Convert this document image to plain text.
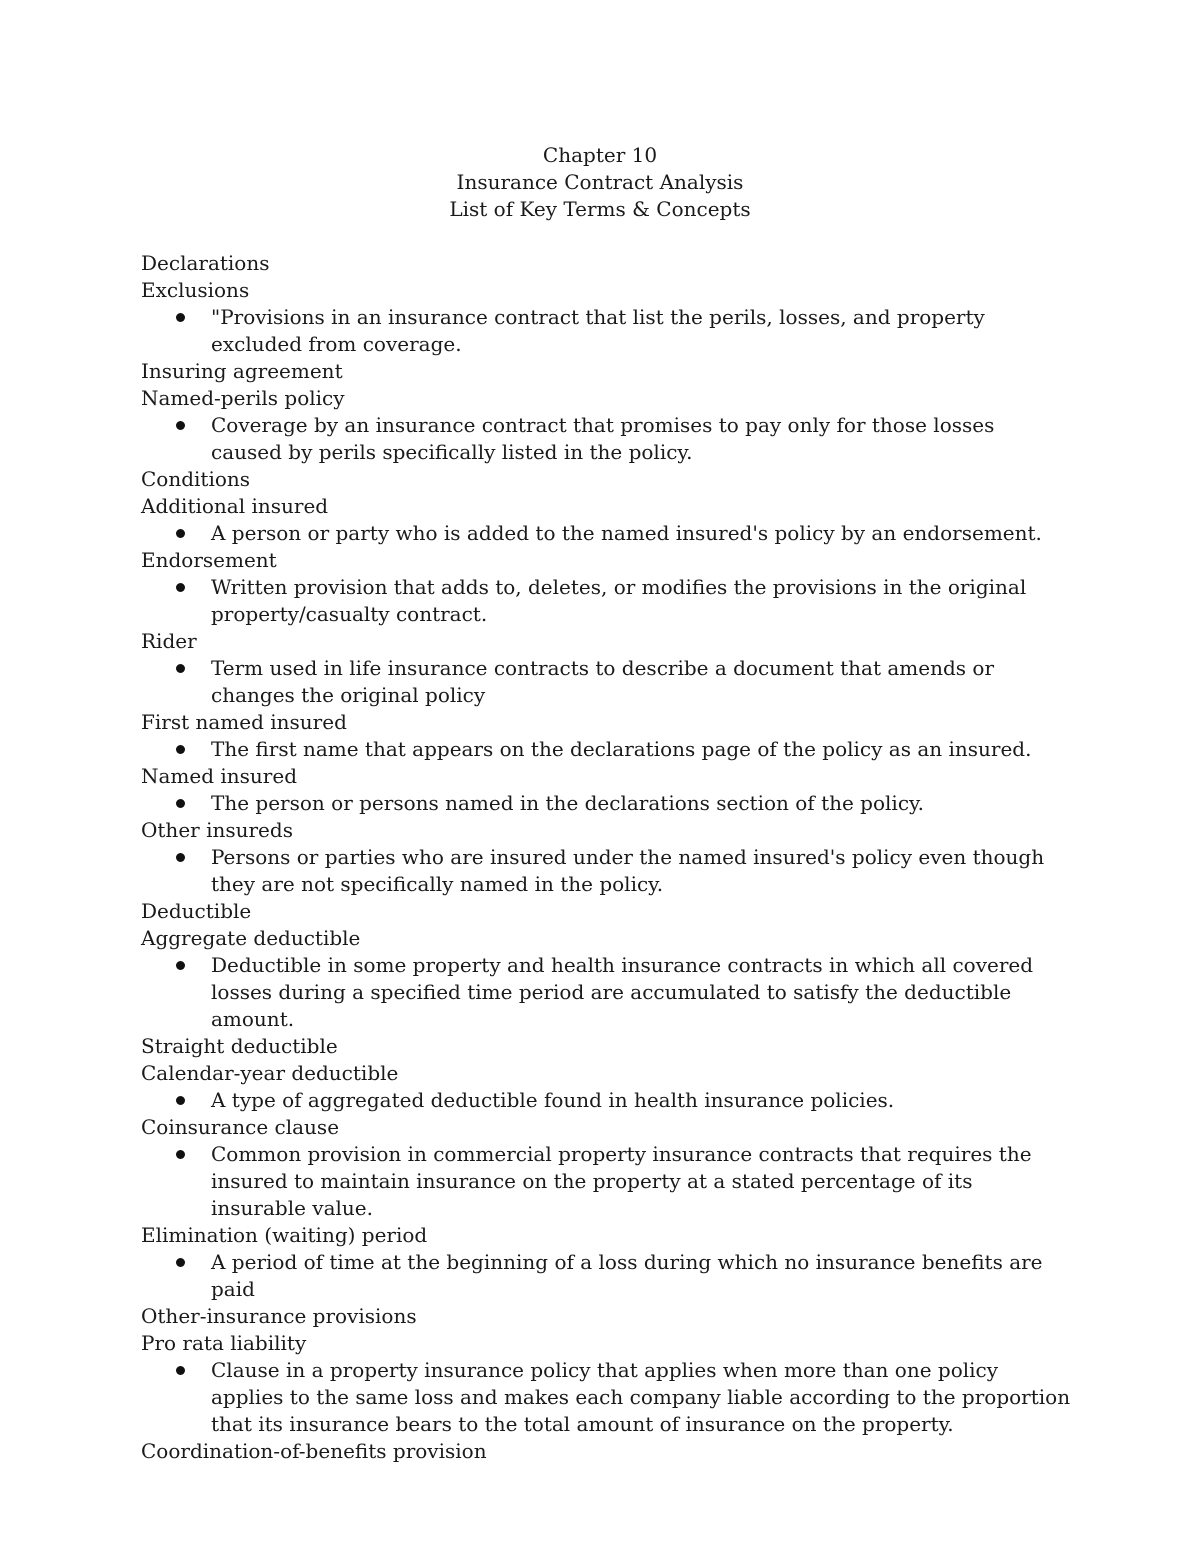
Chapter 10
Insurance Contract Analysis
List of Key Terms & Concepts
Declarations
Exclusions
"Provisions in an insurance contract that list the perils, losses, and property excluded from coverage.
Insuring agreement
Named-perils policy
Coverage by an insurance contract that promises to pay only for those losses caused by perils specifically listed in the policy.
Conditions
Additional insured
A person or party who is added to the named insured's policy by an endorsement.
Endorsement
Written provision that adds to, deletes, or modifies the provisions in the original property/casualty contract.
Rider
Term used in life insurance contracts to describe a document that amends or changes the original policy
First named insured
The first name that appears on the declarations page of the policy as an insured.
Named insured
The person or persons named in the declarations section of the policy.
Other insureds
Persons or parties who are insured under the named insured's policy even though they are not specifically named in the policy.
Deductible
Aggregate deductible
Deductible in some property and health insurance contracts in which all covered losses during a specified time period are accumulated to satisfy the deductible amount.
Straight deductible
Calendar-year deductible
A type of aggregated deductible found in health insurance policies.
Coinsurance clause
Common provision in commercial property insurance contracts that requires the insured to maintain insurance on the property at a stated percentage of its insurable value.
Elimination (waiting) period
A period of time at the beginning of a loss during which no insurance benefits are paid
Other-insurance provisions
Pro rata liability
Clause in a property insurance policy that applies when more than one policy applies to the same loss and makes each company liable according to the proportion that its insurance bears to the total amount of insurance on the property.
Coordination-of-benefits provision
